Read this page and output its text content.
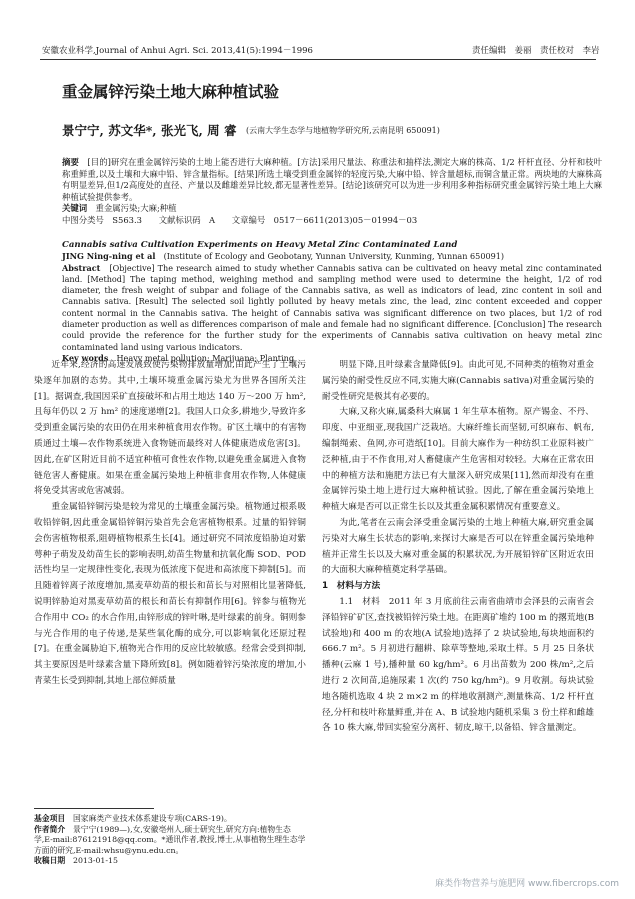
安徽农业科学,Journal of Anhui Agri. Sci. 2013,41(5):1994－1996	责任编辑　姜丽　责任校对　李岩
重金属锌污染土地大麻种植试验
景宁宁, 苏文华*, 张光飞, 周 睿 (云南大学生态学与地植物学研究所,云南昆明 650091)

摘要　 [目的]研究在重金属锌污染的土地上能否进行大麻种植。[方法]采用尺量法、称重法和抽样法,测定大麻的株高、1/2 杆杆直径、分杆和枝叶称重鲜重,以及土壤和大麻中铅、锌含量指标。[结果]所选土壤受到重金属锌的轻度污染,大麻中铅、锌含量超标,而铜含量正常。两块地的大麻株高有明显差异,但1/2高度处的直径、产量以及雌雄差异比较,都无显著性差异。[结论]该研究可以为进一步利用多种指标研究重金属锌污染土地上大麻种植试验提供参考。

关键词　 重金属污染;大麻;种植

中图分类号　S563.3　　文献标识码　A　　文章编号　0517－6611(2013)05－01994－03

Cannabis sativa Cultivation Experiments on Heavy Metal Zinc Contaminated Land

JING Ning-ning et al　 (Institute of Ecology and Geobotany, Yunnan University, Kunming, Yunnan 650091)

Abstract　 [Objective] The research aimed to study whether Cannabis sativa can be cultivated on heavy metal zinc contaminated land. [Method] The taping method, weighing method and sampling method were used to determine the height, 1/2 of rod diameter, the fresh weight of subpar and foliage of the Cannabis sativa, as well as indicators of lead, zinc content in soil and Cannabis sativa. [Result] The selected soil lightly polluted by heavy metals zinc, the lead, zinc content exceeded and copper content normal in the Cannabis sativa. The height of Cannabis sativa was significant difference on two places, but 1/2 of rod diameter production as well as differences comparison of male and female had no significant difference. [Conclusion] The research could provide the reference for the further study for the experiments of Cannabis sativa cultivation on heavy metal zinc contaminated land using various indicators.

Key words　 Heavy metal pollution; Marijuana; Planting

近年来,经济的高速发展致使污染物排放量增加,由此产生了土壤污染逐年加剧的态势。其中,土壤环境重金属污染尤为世界各国所关注[1]。据调查,我国因采矿直接破坏和占用土地达 140 万～200 万 hm²,且每年仍以 2 万 hm² 的速度递增[2]。我国人口众多,耕地少,导致许多受到重金属污染的农田仍在用来种植食用农作物。矿区土壤中的有害物质通过土壤—农作物系统进入食物链而最终对人体健康造成危害[3]。因此,在矿区附近目前不适宜种植可食性农作物,以避免重金属进入食物链危害人畜健康。如果在重金属污染地上种植非食用农作物,人体健康将免受其害或危害减弱。

重金属铅锌铜污染是较为常见的土壤重金属污染。植物通过根系吸收铅锌铜,因此重金属铅锌铜污染首先会危害植物根系。过量的铅锌铜会伤害植物根系,阻碍植物根系生长[4]。通过研究不同浓度铅胁迫对紫萼种子萌发及幼苗生长的影响表明,幼苗生物量和抗氧化酶 SOD、POD 活性均呈一定规律性变化,表现为低浓度下促进和高浓度下抑制[5]。而且随着锌离子浓度增加,黑麦草幼苗的根长和苗长与对照相比显著降低,说明锌胁迫对黑麦草幼苗的根长和苗长有抑制作用[6]。锌参与植物光合作用中 CO₂ 的水合作用,由锌形成的锌叶啉,是叶绿素的前身。铜则参与光合作用的电子传递,是某些氧化酶的成分,可以影响氧化还原过程[7]。在重金属胁迫下,植物光合作用的反应比较敏感。经常会受到抑制,其主要原因是叶绿素含量下降所致[8]。例如随着锌污染浓度的增加,小青菜生长受到抑制,其地上部位鲜质量

明显下降,且叶绿素含量降低[9]。由此可见,不同种类的植物对重金属污染的耐受性反应不同,实施大麻(Cannabis sativa)对重金属污染的耐受性研究是极其有必要的。

大麻,又称火麻,属桑科大麻属 1 年生草本植物。原产锡金、不丹、印度、中亚细亚,现我国广泛栽培。大麻纤维长而坚韧,可织麻布、帆布,编制绳索、鱼网,亦可造纸[10]。目前大麻作为一种纺织工业原料被广泛种植,由于不作食用,对人畜健康产生危害相对较轻。大麻在正常农田中的种植方法和施肥方法已有大量深入研究成果[11],然而却没有在重金属锌污染土地上进行过大麻种植试验。因此,了解在重金属污染地上种植大麻是否可以正常生长以及其重金属积累情况有重要意义。

为此,笔者在云南会泽受重金属污染的土地上种植大麻,研究重金属污染对大麻生长状态的影响,来探讨大麻是否可以在锌重金属污染地种植并正常生长以及大麻对重金属的积累状况,为开展铅锌矿区附近农田的大面积大麻种植奠定科学基础。

1　材料与方法

1.1　材料　2011 年 3 月底前往云南省曲靖市会泽县的云南省会泽铅锌矿矿区,查找被铅锌污染土地。在距离矿堆约 100 m 的撂荒地(B 试验地)和 400 m 的农地(A 试验地)选择了 2 块试验地,每块地面积约 666.7 m²。5 月初进行翻耕、除草等整地,采取土样。5 月 25 日条状播种(云麻 1 号),播种量 60 kg/hm²。6 月出苗数为 200 株/m²,之后进行 2 次间苗,追施尿素 1 次(约 750 kg/hm²)。9 月收割。每块试验地各随机选取 4 块 2 m×2 m 的样地收割测产,测量株高、1/2 杆杆直径,分杆和枝叶称量鲜重,并在 A、B 试验地内随机采集 3 份土样和雌雄各 10 株大麻,带回实验室分离杆、韧皮,晾干,以备铅、锌含量测定。

基金项目　 国家麻类产业技术体系建设专项(CARS-19)。

作者简介　 景宁宁(1989—),女,安徽亳州人,硕士研究生,研究方向:植物生态学,E-mail:876121918@qq.com。*通讯作者,教授,博士,从事植物生理生态学方面的研究,E-mail:whsu@ynu.edu.cn。

收稿日期　 2013-01-15

麻类作物营养与施肥网 www.fibercrops.com
